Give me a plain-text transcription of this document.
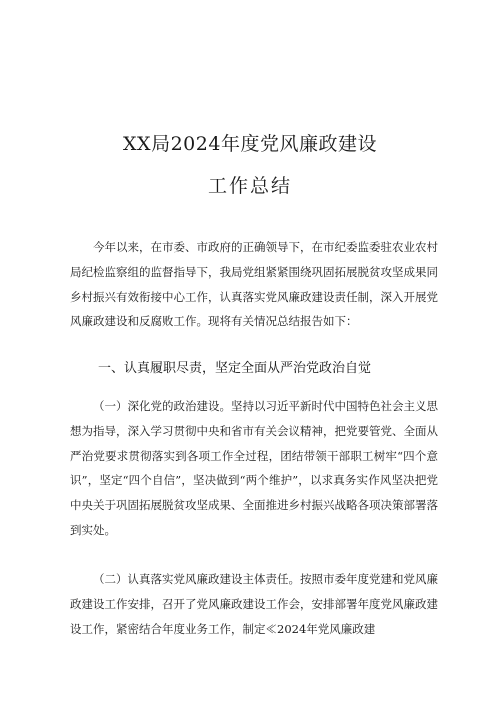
XX局2024年度党风廉政建设
工作总结

今年以来，在市委、市政府的正确领导下，在市纪委监委驻农业农村局纪检监察组的监督指导下，我局党组紧紧围绕巩固拓展脱贫攻坚成果同乡村振兴有效衔接中心工作，认真落实党风廉政建设责任制，深入开展党风廉政建设和反腐败工作。现将有关情况总结报告如下：

一、认真履职尽责，坚定全面从严治党政治自觉

（一）深化党的政治建设。坚持以习近平新时代中国特色社会主义思想为指导，深入学习贯彻中央和省市有关会议精神，把党要管党、全面从严治党要求贯彻落实到各项工作全过程，团结带领干部职工树牢“四个意识”，坚定“四个自信”，坚决做到“两个维护”，以求真务实作风坚决把党中央关于巩固拓展脱贫攻坚成果、全面推进乡村振兴战略各项决策部署落到实处。

（二）认真落实党风廉政建设主体责任。按照市委年度党建和党风廉政建设工作安排，召开了党风廉政建设工作会，安排部署年度党风廉政建设工作，紧密结合年度业务工作，制定≪2024年党风廉政建
